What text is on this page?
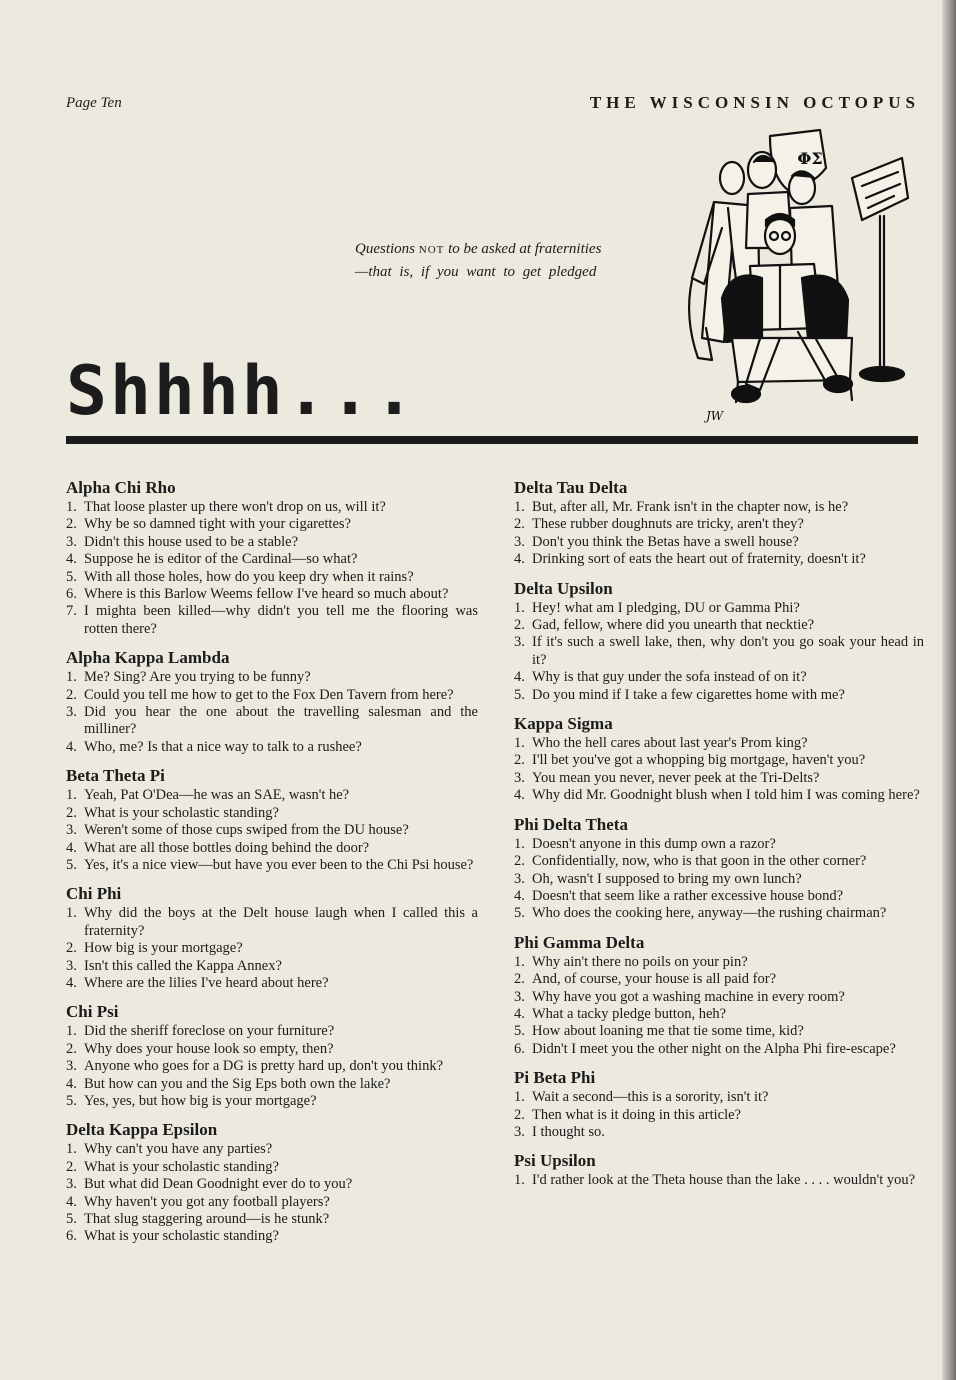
Page Ten	THE WISCONSIN OCTOPUS
Questions NOT to be asked at fraternities
—that is, if you want to get pledged
ΦΣ
JW
Shhhh...
Alpha Chi Rho
1. That loose plaster up there won't drop on us, will it?
2. Why be so damned tight with your cigarettes?
3. Didn't this house used to be a stable?
4. Suppose he is editor of the Cardinal—so what?
5. With all those holes, how do you keep dry when it rains?
6. Where is this Barlow Weems fellow I've heard so much about?
7. I mighta been killed—why didn't you tell me the flooring was rotten there?
Alpha Kappa Lambda
1. Me? Sing? Are you trying to be funny?
2. Could you tell me how to get to the Fox Den Tavern from here?
3. Did you hear the one about the travelling salesman and the milliner?
4. Who, me? Is that a nice way to talk to a rushee?
Beta Theta Pi
1. Yeah, Pat O'Dea—he was an SAE, wasn't he?
2. What is your scholastic standing?
3. Weren't some of those cups swiped from the DU house?
4. What are all those bottles doing behind the door?
5. Yes, it's a nice view—but have you ever been to the Chi Psi house?
Chi Phi
1. Why did the boys at the Delt house laugh when I called this a fraternity?
2. How big is your mortgage?
3. Isn't this called the Kappa Annex?
4. Where are the lilies I've heard about here?
Chi Psi
1. Did the sheriff foreclose on your furniture?
2. Why does your house look so empty, then?
3. Anyone who goes for a DG is pretty hard up, don't you think?
4. But how can you and the Sig Eps both own the lake?
5. Yes, yes, but how big is your mortgage?
Delta Kappa Epsilon
1. Why can't you have any parties?
2. What is your scholastic standing?
3. But what did Dean Goodnight ever do to you?
4. Why haven't you got any football players?
5. That slug staggering around—is he stunk?
6. What is your scholastic standing?
Delta Tau Delta
1. But, after all, Mr. Frank isn't in the chapter now, is he?
2. These rubber doughnuts are tricky, aren't they?
3. Don't you think the Betas have a swell house?
4. Drinking sort of eats the heart out of fraternity, doesn't it?
Delta Upsilon
1. Hey! what am I pledging, DU or Gamma Phi?
2. Gad, fellow, where did you unearth that necktie?
3. If it's such a swell lake, then, why don't you go soak your head in it?
4. Why is that guy under the sofa instead of on it?
5. Do you mind if I take a few cigarettes home with me?
Kappa Sigma
1. Who the hell cares about last year's Prom king?
2. I'll bet you've got a whopping big mortgage, haven't you?
3. You mean you never, never peek at the Tri-Delts?
4. Why did Mr. Goodnight blush when I told him I was coming here?
Phi Delta Theta
1. Doesn't anyone in this dump own a razor?
2. Confidentially, now, who is that goon in the other corner?
3. Oh, wasn't I supposed to bring my own lunch?
4. Doesn't that seem like a rather excessive house bond?
5. Who does the cooking here, anyway—the rushing chairman?
Phi Gamma Delta
1. Why ain't there no poils on your pin?
2. And, of course, your house is all paid for?
3. Why have you got a washing machine in every room?
4. What a tacky pledge button, heh?
5. How about loaning me that tie some time, kid?
6. Didn't I meet you the other night on the Alpha Phi fire-escape?
Pi Beta Phi
1. Wait a second—this is a sorority, isn't it?
2. Then what is it doing in this article?
3. I thought so.
Psi Upsilon
1. I'd rather look at the Theta house than the lake . . . . wouldn't you?
